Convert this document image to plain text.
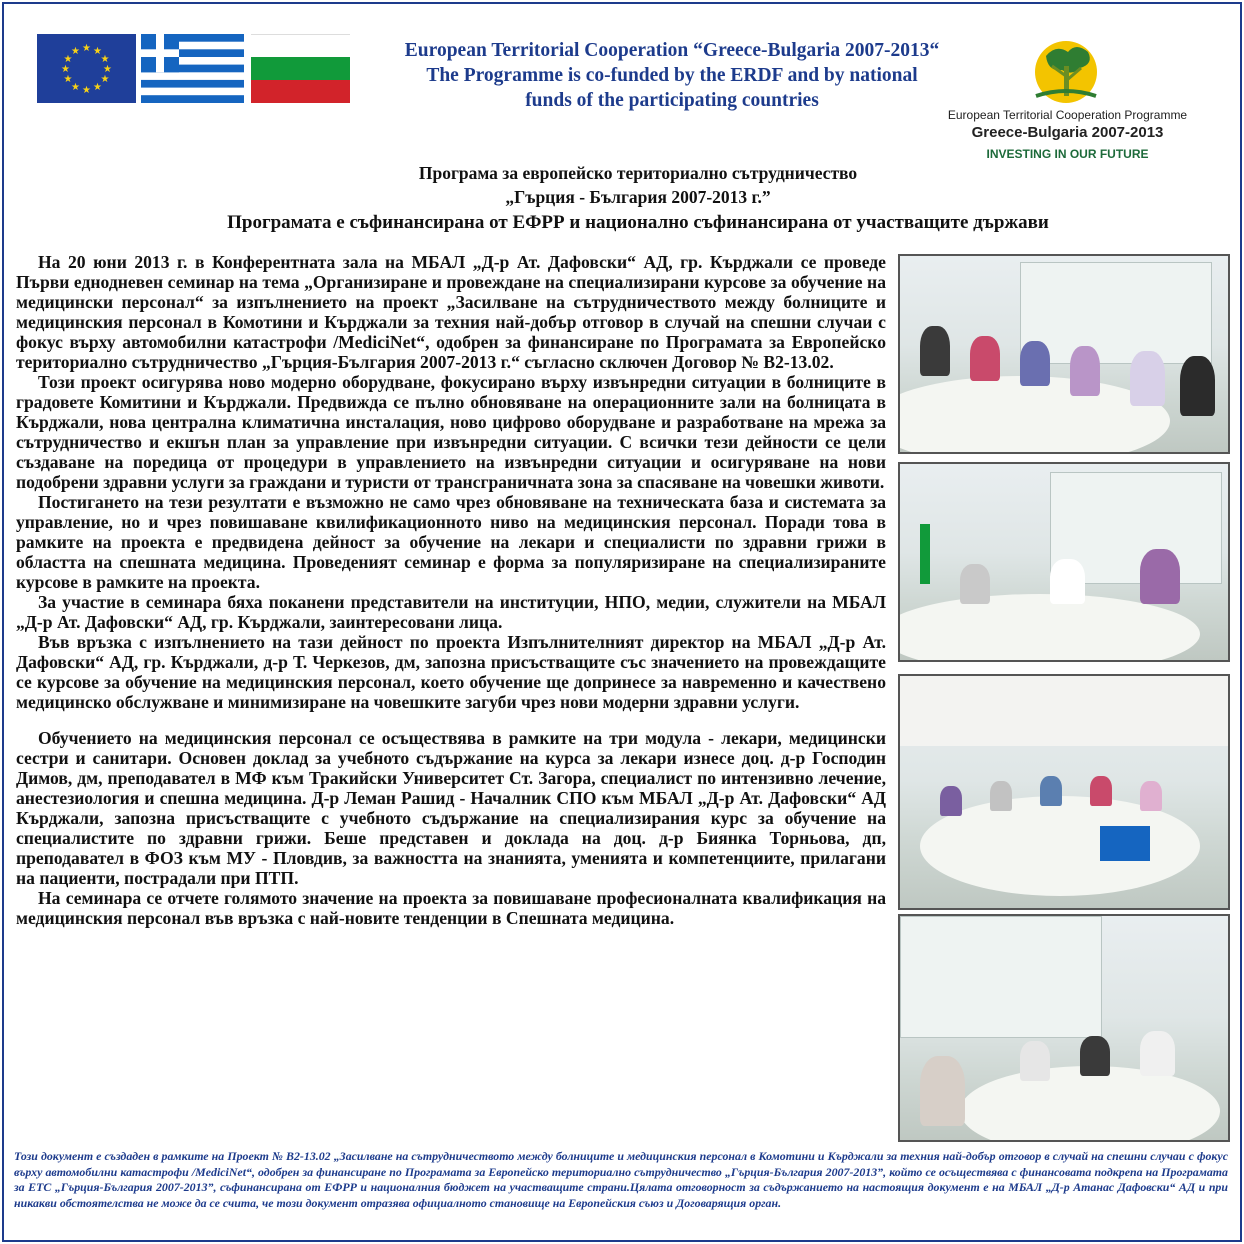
★ ★
★
★
★
★
★
★
★
★
★
★	European Territorial Cooperation “Greece-Bulgaria 2007-2013“
The Programme is co-funded by the ERDF and by national
funds of the participating countries
European Territorial Cooperation Programme
Greece-Bulgaria 2007-2013
INVESTING IN OUR FUTURE
Програма за европейско териториално сътрудничество
„Гърция - България 2007-2013 г.”
Програмата е съфинансирана от ЕФРР и национално съфинансирана от участващите държави

На 20 юни 2013 г. в Конферентната зала на МБАЛ „Д-р Ат. Дафовски“ АД, гр. Кърджали се проведе Първи еднодневен семинар на тема „Организиране и провеждане на специализирани курсове за обучение на медицински персонал“ за изпълнението на проект „Засилване на сътрудничеството между болниците и медицинския персонал в Комотини и Кърджали за техния най-добър отговор в случай на спешни случаи с фокус върху автомобилни катастрофи /MediciNet“, одобрен за финансиране по Програмата за Европейско териториално сътрудничество „Гърция-България 2007-2013 г.“ съгласно сключен Договор № B2-13.02.

Този проект осигурява ново модерно оборудване, фокусирано върху извънредни ситуации в болниците в градовете Комитини и Кърджали. Предвижда се пълно обновяване на операционните зали на болницата в Кърджали, нова централна климатична инсталация, ново цифрово оборудване и разработване на мрежа за сътрудничество и екшън план за управление при извънредни ситуации. С всички тези дейности се цели създаване на поредица от процедури в управлението на извънредни ситуации и осигуряване на нови подобрени здравни услуги за граждани и туристи от трансграничната зона за спасяване на човешки животи.

Постигането на тези резултати е възможно не само чрез обновяване на техническата база и системата за управление, но и чрез повишаване квилификационното ниво на медицинския персонал. Поради това в рамките на проекта е предвидена дейност за обучение на лекари и специалисти по здравни грижи в областта на спешната медицина. Проведеният семинар е форма за популяризиране на специализираните курсове в рамките на проекта.

За участие в семинара бяха поканени представители на институции, НПО, медии, служители на МБАЛ „Д-р Ат. Дафовски“ АД, гр. Кърджали, заинтересовани лица.

Във връзка с изпълнението на тази дейност по проекта Изпълнителният директор на МБАЛ „Д-р Ат. Дафовски“ АД, гр. Кърджали, д-р Т. Черкезов, дм, запозна присъстващите със значението на провеждащите се курсове за обучение на медицинския персонал, което обучение ще допринесе за навременно и качествено медицинско обслужване и минимизиране на човешките загуби чрез нови модерни здравни услуги.

Обучението на медицинския персонал се осъществява в рамките на три модула - лекари, медицински сестри и санитари. Основен доклад за учебното съдържание на курса за лекари изнесе доц. д-р Господин Димов, дм, преподавател в МФ към Тракийски Университет Ст. Загора, специалист по интензивно лечение, анестезиология и спешна медицина. Д-р Леман Рашид - Началник СПО към МБАЛ „Д-р Ат. Дафовски“ АД Кърджали, запозна присъстващите с учебното съдържание на специализирания курс за обучение на специалистите по здравни грижи. Беше представен и доклада на доц. д-р Биянка Торньова, дп, преподавател в ФОЗ към МУ - Пловдив, за важността на знанията, уменията и компетенциите, прилагани на пациенти, пострадали при ПТП.

На семинара се отчете голямото значение на проекта за повишаване професионалната квалификация на медицинския персонал във връзка с най-новите тенденции в Спешната медицина.

Този документ е създаден в рамките на Проект № B2-13.02 „Засилване на сътрудничеството между болниците и медицинския персонал в Комотини и Кърджали за техния най-добър отговор в случай на спешни случаи с фокус върху автомобилни катастрофи /MediciNet“, одобрен за финансиране по Програмата за Европейско териториално сътрудничество „Гърция-България 2007-2013”, който се осъществява с финансовата подкрепа на Програмата за ЕТС „Гърция-България 2007-2013”, съфинансирана от ЕФРР и националния бюджет на участващите страни.Цялата отговорност за съдържанието на настоящия документ е на МБАЛ „Д-р Атанас Дафовски“ АД и при никакви обстоятелства не може да се счита, че този документ отразява официалното становище на Европейския съюз и Договарящия орган.
